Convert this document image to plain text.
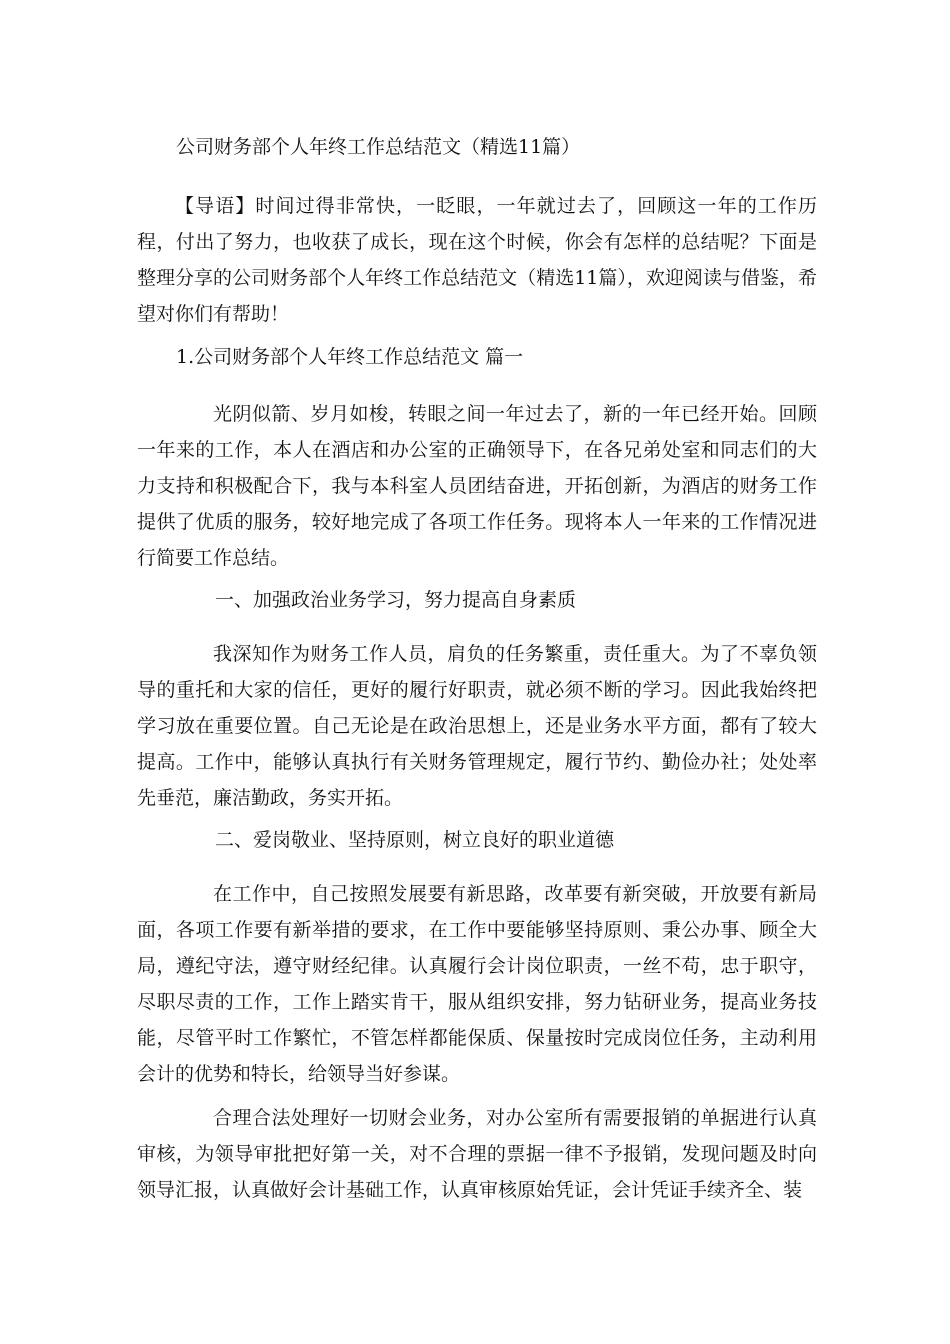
公司财务部个人年终工作总结范文（精选11篇）

【导语】时间过得非常快，一眨眼，一年就过去了，回顾这一年的工作历程，付出了努力，也收获了成长，现在这个时候，你会有怎样的总结呢？下面是整理分享的公司财务部个人年终工作总结范文（精选11篇），欢迎阅读与借鉴，希望对你们有帮助！

1.公司财务部个人年终工作总结范文 篇一

光阴似箭、岁月如梭，转眼之间一年过去了，新的一年已经开始。回顾一年来的工作，本人在酒店和办公室的正确领导下，在各兄弟处室和同志们的大力支持和积极配合下，我与本科室人员团结奋进，开拓创新，为酒店的财务工作提供了优质的服务，较好地完成了各项工作任务。现将本人一年来的工作情况进行简要工作总结。

一、加强政治业务学习，努力提高自身素质

我深知作为财务工作人员，肩负的任务繁重，责任重大。为了不辜负领导的重托和大家的信任，更好的履行好职责，就必须不断的学习。因此我始终把学习放在重要位置。自己无论是在政治思想上，还是业务水平方面，都有了较大提高。工作中，能够认真执行有关财务管理规定，履行节约、勤俭办社；处处率先垂范，廉洁勤政，务实开拓。

二、爱岗敬业、坚持原则，树立良好的职业道德

在工作中，自己按照发展要有新思路，改革要有新突破，开放要有新局面，各项工作要有新举措的要求，在工作中要能够坚持原则、秉公办事、顾全大局，遵纪守法，遵守财经纪律。认真履行会计岗位职责，一丝不苟，忠于职守，尽职尽责的工作，工作上踏实肯干，服从组织安排，努力钻研业务，提高业务技能，尽管平时工作繁忙，不管怎样都能保质、保量按时完成岗位任务，主动利用会计的优势和特长，给领导当好参谋。

合理合法处理好一切财会业务，对办公室所有需要报销的单据进行认真审核，为领导审批把好第一关，对不合理的票据一律不予报销，发现问题及时向领导汇报，认真做好会计基础工作，认真审核原始凭证，会计凭证手续齐全、装
